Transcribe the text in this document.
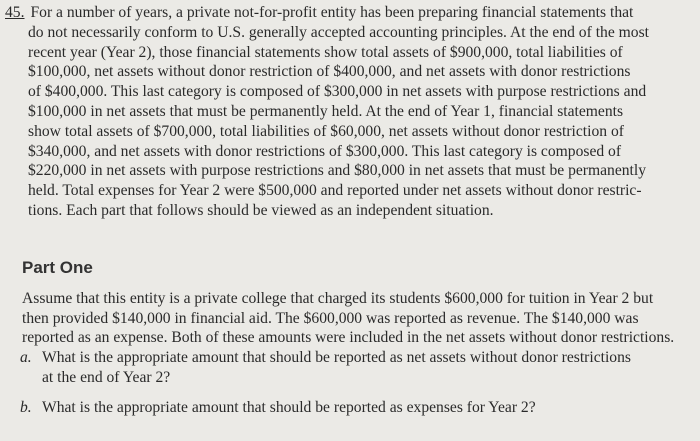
45. For a number of years, a private not-for-profit entity has been preparing financial statements that
do not necessarily conform to U.S. generally accepted accounting principles. At the end of the most
recent year (Year 2), those financial statements show total assets of $900,000, total liabilities of
$100,000, net assets without donor restriction of $400,000, and net assets with donor restrictions
of $400,000. This last category is composed of $300,000 in net assets with purpose restrictions and
$100,000 in net assets that must be permanently held. At the end of Year 1, financial statements
show total assets of $700,000, total liabilities of $60,000, net assets without donor restriction of
$340,000, and net assets with donor restrictions of $300,000. This last category is composed of
$220,000 in net assets with purpose restrictions and $80,000 in net assets that must be permanently
held. Total expenses for Year 2 were $500,000 and reported under net assets without donor restric-
tions. Each part that follows should be viewed as an independent situation.
Part One
Assume that this entity is a private college that charged its students $600,000 for tuition in Year 2 but
then provided $140,000 in financial aid. The $600,000 was reported as revenue. The $140,000 was
reported as an expense. Both of these amounts were included in the net assets without donor restrictions.
a. What is the appropriate amount that should be reported as net assets without donor restrictions
at the end of Year 2?
b. What is the appropriate amount that should be reported as expenses for Year 2?
